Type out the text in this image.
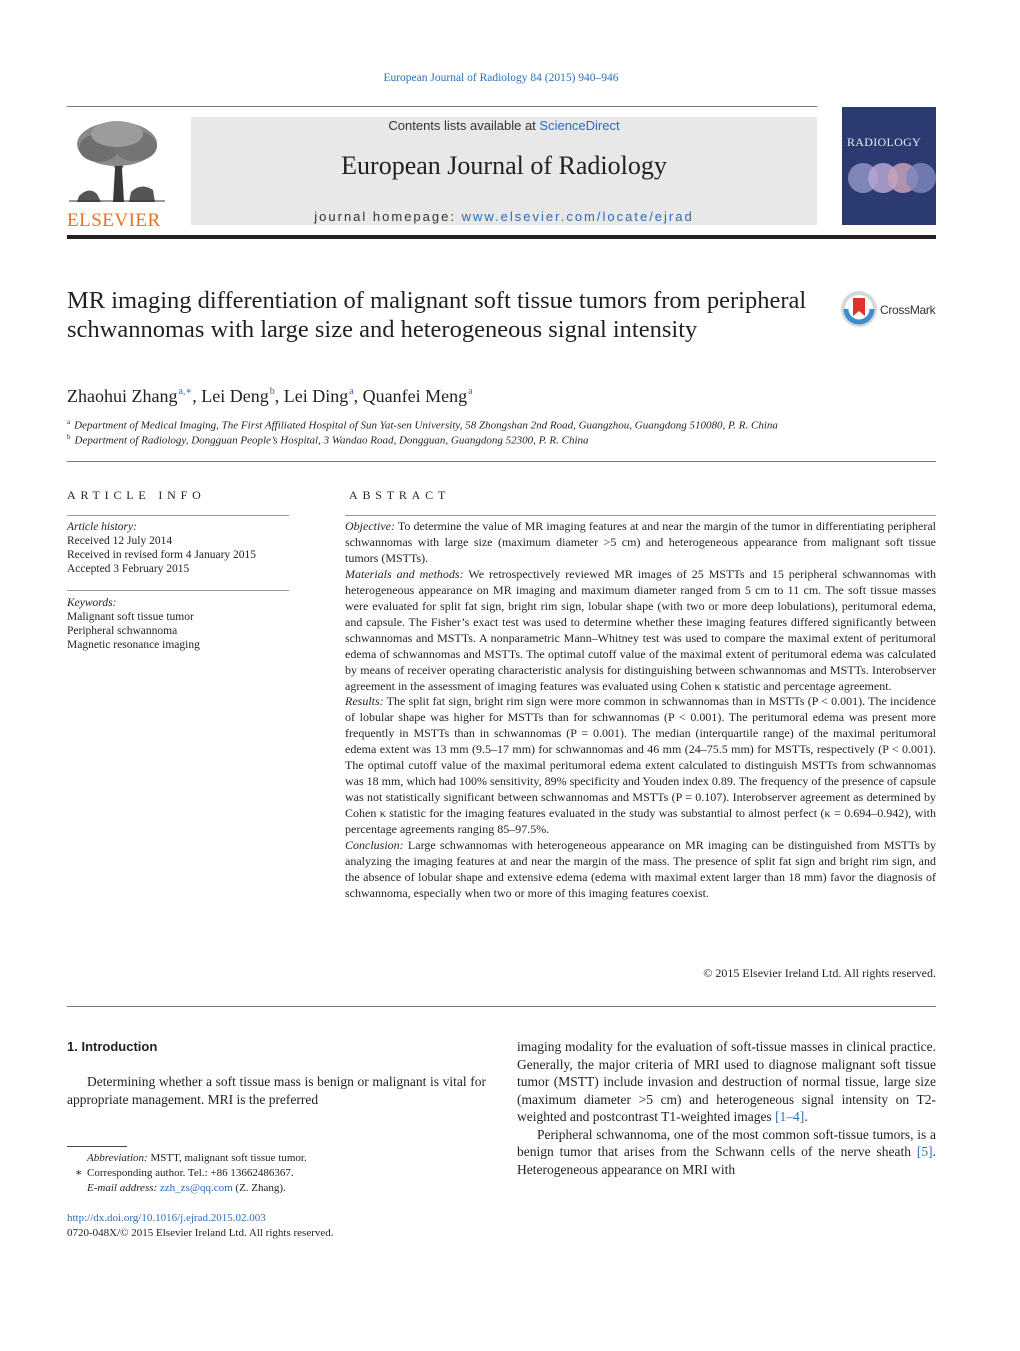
European Journal of Radiology 84 (2015) 940–946
ELSEVIER
Contents lists available at ScienceDirect
European Journal of Radiology
journal homepage: www.elsevier.com/locate/ejrad
RADIOLOGY
MR imaging differentiation of malignant soft tissue tumors from peripheral schwannomas with large size and heterogeneous signal intensity
CrossMark
Zhaohui Zhang$^{a,∗}$, Lei Deng$^b$, Lei Ding$^a$, Quanfei Meng$^a$
$^a$ Department of Medical Imaging, The First Affiliated Hospital of Sun Yat-sen University, 58 Zhongshan 2nd Road, Guangzhou, Guangdong 510080, P. R. China
$^b$ Department of Radiology, Dongguan People’s Hospital, 3 Wandao Road, Dongguan, Guangdong 52300, P. R. China
ARTICLE INFO
Article history:
Received 12 July 2014
Received in revised form 4 January 2015
Accepted 3 February 2015
Keywords:
Malignant soft tissue tumor
Peripheral schwannoma
Magnetic resonance imaging
ABSTRACT

Objective: To determine the value of MR imaging features at and near the margin of the tumor in differentiating peripheral schwannomas with large size (maximum diameter >5 cm) and heterogeneous appearance from malignant soft tissue tumors (MSTTs).

Materials and methods: We retrospectively reviewed MR images of 25 MSTTs and 15 peripheral schwannomas with heterogeneous appearance on MR imaging and maximum diameter ranged from 5 cm to 11 cm. The soft tissue masses were evaluated for split fat sign, bright rim sign, lobular shape (with two or more deep lobulations), peritumoral edema, and capsule. The Fisher’s exact test was used to determine whether these imaging features differed significantly between schwannomas and MSTTs. A nonparametric Mann–Whitney test was used to compare the maximal extent of peritumoral edema of schwannomas and MSTTs. The optimal cutoff value of the maximal extent of peritumoral edema was calculated by means of receiver operating characteristic analysis for distinguishing between schwannomas and MSTTs. Interobserver agreement in the assessment of imaging features was evaluated using Cohen κ statistic and percentage agreement.

Results: The split fat sign, bright rim sign were more common in schwannomas than in MSTTs (P < 0.001). The incidence of lobular shape was higher for MSTTs than for schwannomas (P < 0.001). The peritumoral edema was present more frequently in MSTTs than in schwannomas (P = 0.001). The median (interquartile range) of the maximal peritumoral edema extent was 13 mm (9.5–17 mm) for schwannomas and 46 mm (24–75.5 mm) for MSTTs, respectively (P < 0.001). The optimal cutoff value of the maximal peritumoral edema extent calculated to distinguish MSTTs from schwannomas was 18 mm, which had 100% sensitivity, 89% specificity and Youden index 0.89. The frequency of the presence of capsule was not statistically significant between schwannomas and MSTTs (P = 0.107). Interobserver agreement as determined by Cohen κ statistic for the imaging features evaluated in the study was substantial to almost perfect (κ = 0.694–0.942), with percentage agreements ranging 85–97.5%.

Conclusion: Large schwannomas with heterogeneous appearance on MR imaging can be distinguished from MSTTs by analyzing the imaging features at and near the margin of the mass. The presence of split fat sign and bright rim sign, and the absence of lobular shape and extensive edema (edema with maximal extent larger than 18 mm) favor the diagnosis of schwannoma, especially when two or more of this imaging features coexist.

© 2015 Elsevier Ireland Ltd. All rights reserved.
1. Introduction

Determining whether a soft tissue mass is benign or malignant is vital for appropriate management. MRI is the preferred

imaging modality for the evaluation of soft-tissue masses in clinical practice. Generally, the major criteria of MRI used to diagnose malignant soft tissue tumor (MSTT) include invasion and destruction of normal tissue, large size (maximum diameter >5 cm) and heterogeneous signal intensity on T2-weighted and postcontrast T1-weighted images [1–4].

Peripheral schwannoma, one of the most common soft-tissue tumors, is a benign tumor that arises from the Schwann cells of the nerve sheath [5]. Heterogeneous appearance on MRI with

Abbreviation: MSTT, malignant soft tissue tumor.
∗ Corresponding author. Tel.: +86 13662486367.
E-mail address: zzh_zs@qq.com (Z. Zhang).
http://dx.doi.org/10.1016/j.ejrad.2015.02.003
0720-048X/© 2015 Elsevier Ireland Ltd. All rights reserved.
